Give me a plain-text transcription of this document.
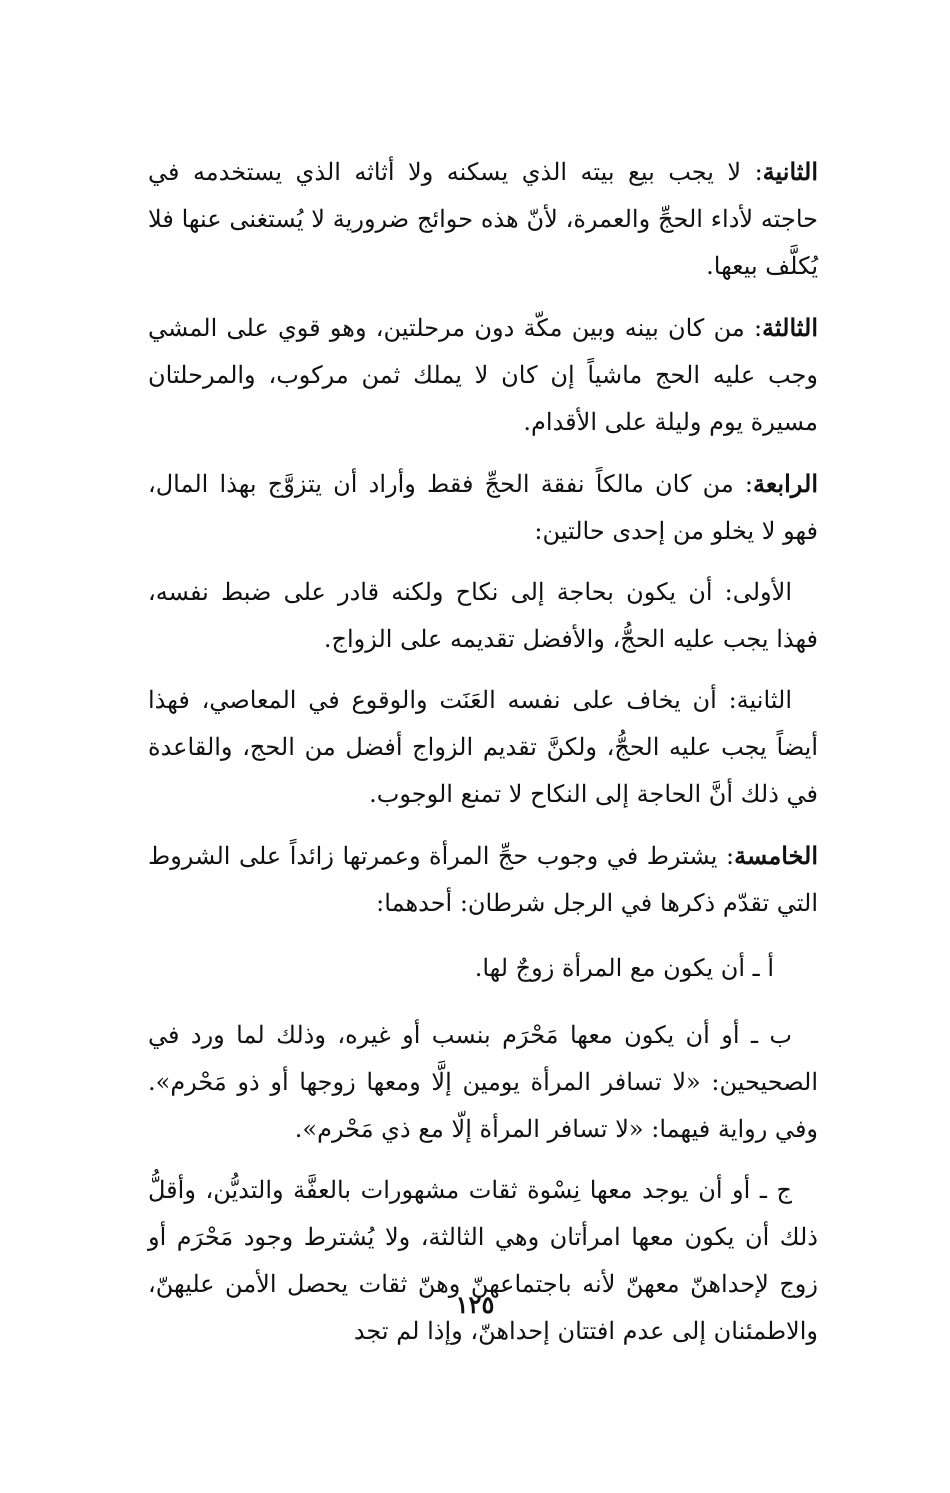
الثانية: لا يجب بيع بيته الذي يسكنه ولا أثاثه الذي يستخدمه في حاجته لأداء الحجِّ والعمرة، لأنّ هذه حوائج ضرورية لا يُستغنى عنها فلا يُكلَّف بيعها.

الثالثة: من كان بينه وبين مكّة دون مرحلتين، وهو قوي على المشي وجب عليه الحج ماشياً إن كان لا يملك ثمن مركوب، والمرحلتان مسيرة يوم وليلة على الأقدام.

الرابعة: من كان مالكاً نفقة الحجِّ فقط وأراد أن يتزوَّج بهذا المال، فهو لا يخلو من إحدى حالتين:

الأولى: أن يكون بحاجة إلى نكاح ولكنه قادر على ضبط نفسه، فهذا يجب عليه الحجُّ، والأفضل تقديمه على الزواج.

الثانية: أن يخاف على نفسه العَنَت والوقوع في المعاصي، فهذا أيضاً يجب عليه الحجُّ، ولكنَّ تقديم الزواج أفضل من الحج، والقاعدة في ذلك أنَّ الحاجة إلى النكاح لا تمنع الوجوب.

الخامسة: يشترط في وجوب حجِّ المرأة وعمرتها زائداً على الشروط التي تقدّم ذكرها في الرجل شرطان: أحدهما:

أ ـ أن يكون مع المرأة زوجٌ لها.

ب ـ أو أن يكون معها مَحْرَم بنسب أو غيره، وذلك لما ورد في الصحيحين: «لا تسافر المرأة يومين إلَّا ومعها زوجها أو ذو مَحْرم». وفي رواية فيهما: «لا تسافر المرأة إلّا مع ذي مَحْرم».

ج ـ أو أن يوجد معها نِسْوة ثقات مشهورات بالعفَّة والتديُّن، وأقلُّ ذلك أن يكون معها امرأتان وهي الثالثة، ولا يُشترط وجود مَحْرَم أو زوج لإحداهنّ معهنّ لأنه باجتماعهنّ وهنّ ثقات يحصل الأمن عليهنّ، والاطمئنان إلى عدم افتتان إحداهنّ، وإذا لم تجد

١٢٥
